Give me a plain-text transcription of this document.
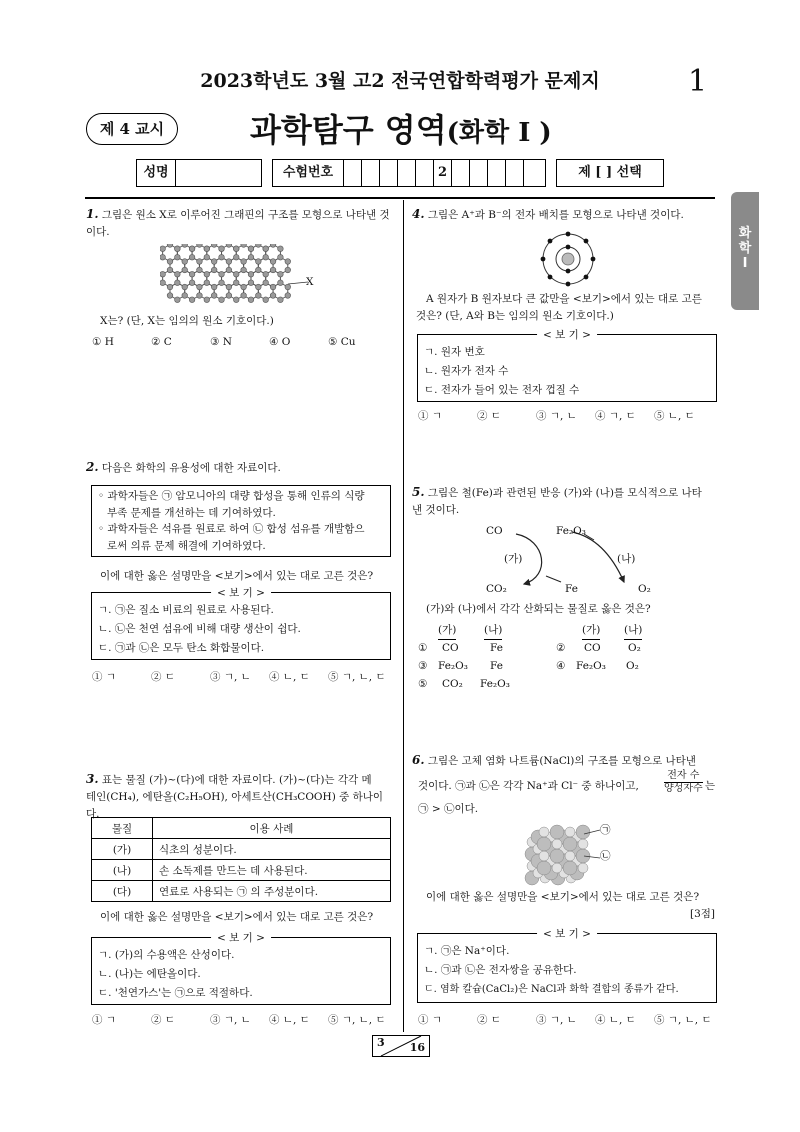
2023학년도 3월 고2 전국연합학력평가 문제지	1
제 4 교시	과학탐구 영역(화학 I )
성명	수험번호	2	제 [ ] 선택
화
학
I
1. 그림은 원소 X로 이루어진 그래핀의 구조를 모형으로 나타낸 것이다.
X
X는? (단, X는 임의의 원소 기호이다.)
① H	② C	③ N	④ O	⑤ Cu
2. 다음은 화학의 유용성에 대한 자료이다.
◦ 과학자들은 ㉠ 암모니아의 대량 합성을 통해 인류의 식량
부족 문제를 개선하는 데 기여하였다.
◦ 과학자들은 석유를 원료로 하여 ㉡ 합성 섬유를 개발함으
로써 의류 문제 해결에 기여하였다.
이에 대한 옳은 설명만을 <보기>에서 있는 대로 고른 것은?
< 보 기 >
ㄱ. ㉠은 질소 비료의 원료로 사용된다.
ㄴ. ㉡은 천연 섬유에 비해 대량 생산이 쉽다.
ㄷ. ㉠과 ㉡은 모두 탄소 화합물이다.
① ㄱ	② ㄷ	③ ㄱ, ㄴ	④ ㄴ, ㄷ	⑤ ㄱ, ㄴ, ㄷ
3. 표는 물질 (가)~(다)에 대한 자료이다. (가)~(다)는 각각 메
테인(CH₄), 에탄올(C₂H₅OH), 아세트산(CH₃COOH) 중 하나이다.
물질	이용 사례
(가)	식초의 성분이다.
(나)	손 소독제를 만드는 데 사용된다.
(다)	연료로 사용되는 ㉠ 의 주성분이다.
이에 대한 옳은 설명만을 <보기>에서 있는 대로 고른 것은?
< 보 기 >
ㄱ. (가)의 수용액은 산성이다.
ㄴ. (나)는 에탄올이다.
ㄷ. '천연가스'는 ㉠으로 적절하다.
① ㄱ	② ㄷ	③ ㄱ, ㄴ	④ ㄴ, ㄷ	⑤ ㄱ, ㄴ, ㄷ
4. 그림은 A⁺과 B⁻의 전자 배치를 모형으로 나타낸 것이다.
A 원자가 B 원자보다 큰 값만을 <보기>에서 있는 대로 고른
것은? (단, A와 B는 임의의 원소 기호이다.)
< 보 기 >
ㄱ. 원자 번호
ㄴ. 원자가 전자 수
ㄷ. 전자가 들어 있는 전자 껍질 수
① ㄱ	② ㄷ	③ ㄱ, ㄴ	④ ㄱ, ㄷ	⑤ ㄴ, ㄷ
5. 그림은 철(Fe)과 관련된 반응 (가)와 (나)를 모식적으로 나타
낸 것이다.
CO	Fe₂O₃
(가)	(나)
CO₂	Fe	O₂
(가)와 (나)에서 각각 산화되는 물질로 옳은 것은?
(가)	(나)	(가) (나)
① CO	Fe	② CO	O₂
③ Fe₂O₃ Fe	④ Fe₂O₃ O₂
⑤ CO₂ Fe₂O₃
6. 그림은 고체 염화 나트륨(NaCl)의 구조를 모형으로 나타낸
것이다. ㉠과 ㉡은 각각 Na⁺과 Cl⁻ 중 하나이고,
전자 수
양성자수 는
㉠ > ㉡이다.
㉠
㉡
이에 대한 옳은 설명만을 <보기>에서 있는 대로 고른 것은?
[3점]
< 보 기 >
ㄱ. ㉠은 Na⁺이다.
ㄴ. ㉠과 ㉡은 전자쌍을 공유한다.
ㄷ. 염화 칼슘(CaCl₂)은 NaCl과 화학 결합의 종류가 같다.
① ㄱ	② ㄷ	③ ㄱ, ㄴ	④ ㄴ, ㄷ	⑤ ㄱ, ㄴ, ㄷ
3 16
